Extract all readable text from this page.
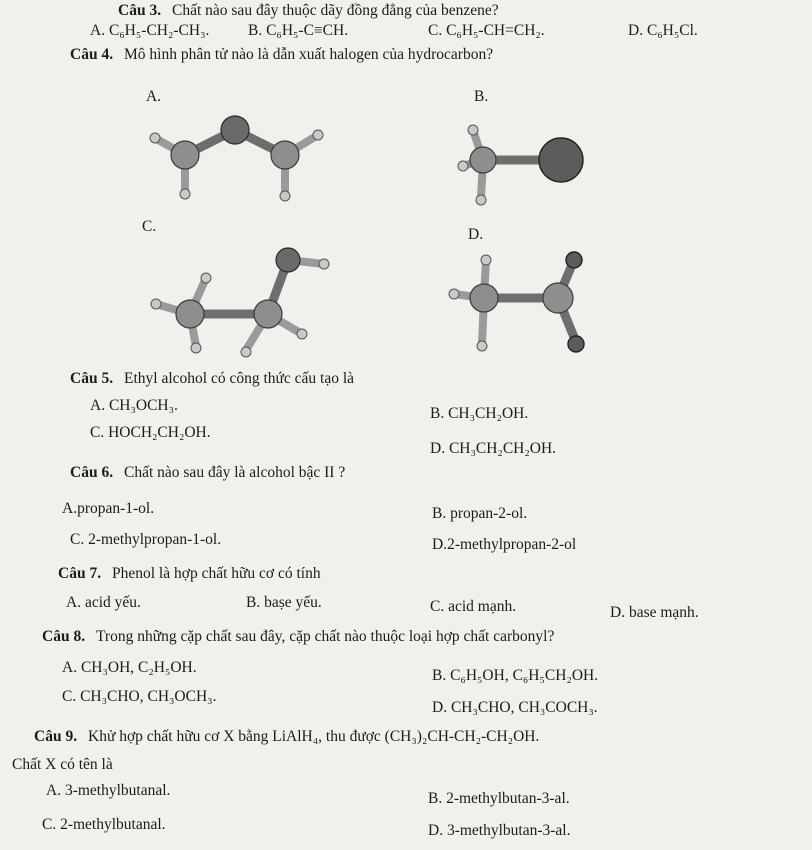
Câu 3. Chất nào sau đây thuộc dãy đồng đẳng của benzene?
A. C₆H₅-CH₂-CH₃. B. C₆H₅-C≡CH.	C. C₆H₅-CH=CH₂.	D. C₆H₅Cl.
Câu 4. Mô hình phân tử nào là dẫn xuất halogen của hydrocarbon?
A.	B.
C.	D.
Câu 5. Ethyl alcohol có công thức cấu tạo là
A. CH₃OCH₃.	B. CH₃CH₂OH.
C. HOCH₂CH₂OH.
D. CH₃CH₂CH₂OH.
Câu 6. Chất nào sau đây là alcohol bậc II ?
A.propan-1-ol.	B. propan-2-ol.
C. 2-methylpropan-1-ol.	D.2-methylpropan-2-ol
Câu 7. Phenol là hợp chất hữu cơ có tính
A. acid yếu.	B. baṣe yếu.	C. acid mạnh.	D. base mạnh.
Câu 8. Trong những cặp chất sau đây, cặp chất nào thuộc loại hợp chất carbonyl?
A. CH₃OH, C₂H₅OH.	B. C₆H₅OH, C₆H₅CH₂OH.
C. CH₃CHO, CH₃OCH₃.
D. CH₃CHO, CH₃COCH₃.
Câu 9. Khử hợp chất hữu cơ X bằng LiAlH₄, thu được (CH₃)₂CH-CH₂-CH₂OH.
Chất X có tên là
A. 3-methylbutanal.	B. 2-methylbutan-3-al.
C. 2-methylbutanal.	D. 3-methylbutan-3-al.
